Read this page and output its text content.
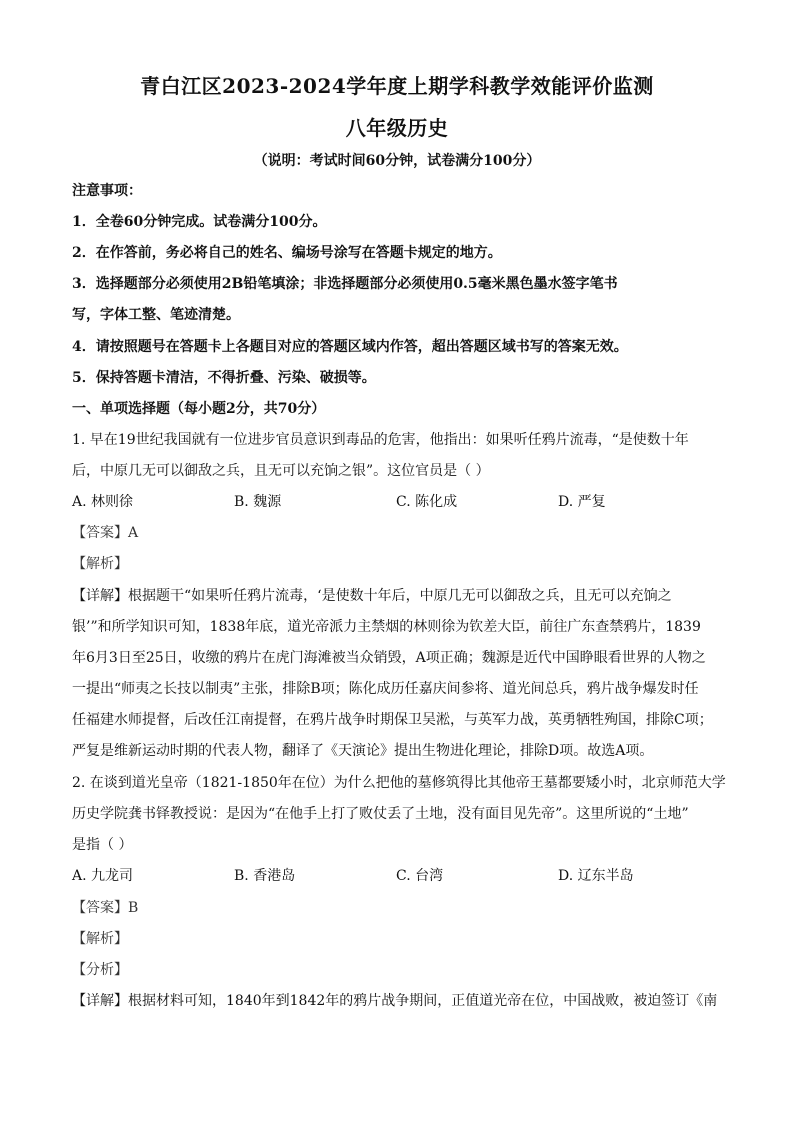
青白江区2023-2024学年度上期学科教学效能评价监测
八年级历史
（说明：考试时间60分钟，试卷满分100分）
注意事项：
1．全卷60分钟完成。试卷满分100分。
2．在作答前，务必将自己的姓名、编场号涂写在答题卡规定的地方。
3．选择题部分必须使用2B铅笔填涂；非选择题部分必须使用0.5毫米黑色墨水签字笔书
写，字体工整、笔迹清楚。
4．请按照题号在答题卡上各题目对应的答题区域内作答，超出答题区域书写的答案无效。
5．保持答题卡清洁，不得折叠、污染、破损等。
一、单项选择题（每小题2分，共70分）
1. 早在19世纪我国就有一位进步官员意识到毒品的危害，他指出：如果听任鸦片流毒，“是使数十年
后，中原几无可以御敌之兵，且无可以充饷之银”。这位官员是（ ）
A. 林则徐	B. 魏源	C. 陈化成	D. 严复
【答案】A
【解析】
【详解】根据题干“如果听任鸦片流毒，‘是使数十年后，中原几无可以御敌之兵，且无可以充饷之
银’”和所学知识可知，1838年底，道光帝派力主禁烟的林则徐为钦差大臣，前往广东查禁鸦片，1839
年6月3日至25日，收缴的鸦片在虎门海滩被当众销毁，A项正确；魏源是近代中国睁眼看世界的人物之
一提出“师夷之长技以制夷”主张，排除B项；陈化成历任嘉庆间参将、道光间总兵，鸦片战争爆发时任
任福建水师提督，后改任江南提督，在鸦片战争时期保卫吴淞，与英军力战，英勇牺牲殉国，排除C项；
严复是维新运动时期的代表人物，翻译了《天演论》提出生物进化理论，排除D项。故选A项。
2. 在谈到道光皇帝（1821-1850年在位）为什么把他的墓修筑得比其他帝王墓都要矮小时，北京师范大学
历史学院龚书铎教授说：是因为“在他手上打了败仗丢了土地，没有面目见先帝”。这里所说的“土地”
是指（ ）
A. 九龙司	B. 香港岛	C. 台湾	D. 辽东半岛
【答案】B
【解析】
【分析】
【详解】根据材料可知，1840年到1842年的鸦片战争期间，正值道光帝在位，中国战败，被迫签订《南
